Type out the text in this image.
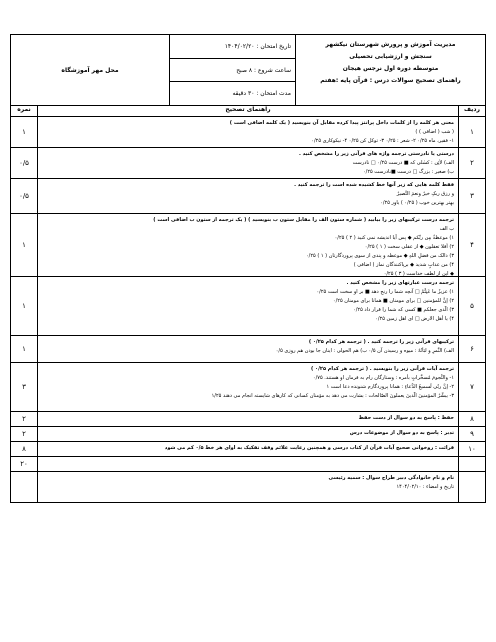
مدیریت آموزش و پرورش شهرستان نیکشهر
سنجش و ارزشیابی تحصیلی
متوسطه دوره اول نرجس هیجان
راهنمای تصحیح سوالات درس : قرآن پایه :هفتم
تاریخ امتحان : ۱۴۰۴/۰۲/۲۰
ساعت شروع : ۸ صبح
مدت امتحان : ۳۰ دقیقه
محل مهر آموزشگاه
ردیف
راهنمای تصحیح
نمره
۱

معنی هر کلمه را از کلمات داخل پرانتز پیدا کرده مقابل آن بنویسید ( یک کلمه اضافی است )

( شب ( اضافی ) )

۱- فقیر، ماه ۰/۲۵ ۲- شعر : ۰/۲۵ ۳- توکل کن ۰/۲۵ ۴- نیکوکاری ۰/۲۵

۱
۲

درستی یا نادرستی ترجمه واژه های قرآنی زیر را مشخص کنید .

الف) لاٰئِن : کسٰلی که ■ درست ۰/۲۵ □ نادرست

ب) صغیر : بزرگ □ درست ■نادرست ۰/۲۵

۰/۵
۳

فقط کلمه هایی که زیر آنها خط کشیده شده است را ترجمه کنید .

و رزق ربکِ خیرٌ ونعمَ النَّصیرُ

بهتر بهترین خوب ( ۰/۲۵ ) یاور ۰/۲۵

۰/۵
۴

ترجمه درست ترکیبهای زیر را بیابید ( شماره ستون الف را مقابل ستون ب بنویسید ) ( یک ترجمه از ستون ب اضافی است )

ب الف

۱) موعظةٌ مِن ربِّکم ◆ پس آیا اندیشه نمی کنید ( ۲ ) ۰/۲۵

۲) أفلا تعقلون ◆ از عقلی سخت ( ۱ ) ۰/۲۵

۳) ذالک من فضلِ اللهِ ◆ موعظه و پندی از سوی پروردگارتان ( ۱ ) ۰/۲۵

۴) من عذابٍ شدید ◆ برپاکنندگان نماز ( اضافی )

◆ این از لطف خداست ( ۳ ) ۰/۲۵

۱
۵

ترجمه درست عبارتهای زیر را مشخص کنید .

۱) عزیزٌ ما عَنِتُّمْ □ آنچه شما را رنج دهد ■ بر او سخت است ۰/۲۵

۲) إنَّ للمؤمنین □ برای مومنان ■ همانا برای مومنان ۰/۲۵

۳) الّذی جعلکم ■ کسی که شما را قرار داد ۰/۲۵

۴) یا أهل الارض □ ای اهل زمین ۰/۲۵

۱
۶

ترکیبهای قرآنی زیر را ترجمه کنید . ( ترجمه هر کدام ۰/۲۵ )

الف) الثَّمرِ و لبَأْنُهُ : میوه و رسیدن آن ۰/۵ ب) هم الحولی : اینان جا بودن هم روزی ۰/۵

۱
۷

ترجمه آیات قرآنی زیر را بنویسید . ( ترجمه هر کدام ۰/۲۵ )

۱- والنُّجومَ مُسخَّراتٍ بأمره : وستارگان رام به فرمان او هستند. ۰/۷۵

۲- إنَّ ربّی لَسمیعُ الدُّعاءِ : همانا پروردگارم شنونده دعا است ۱

۳- یبشِّرُ المؤمنینَ الَّذینَ یعملونَ الصّالحات : بشارت می دهد به مؤمنان کسانی که کارهای شایسته انجام می دهند ۱/۲۵

۳
۸

حفظ : پاسخ به دو سوال از دست حفظ

۲
۹

تدبر : پاسخ به دو سوال از موضوعات درس

۲
۱۰

قرائت : روخوانی صحیح آیات قرآن از کتاب درسی و همچنین رعایت علائم وقف تفکیک به اوای هر خط ۰/۵ کم می شود

۸

۲۰

نام و نام خانوادگی دبیر طراح سوال : سمیه رئیسی

تاریخ و امضاء : ۱۴۰۴/۰۲/۱۰
